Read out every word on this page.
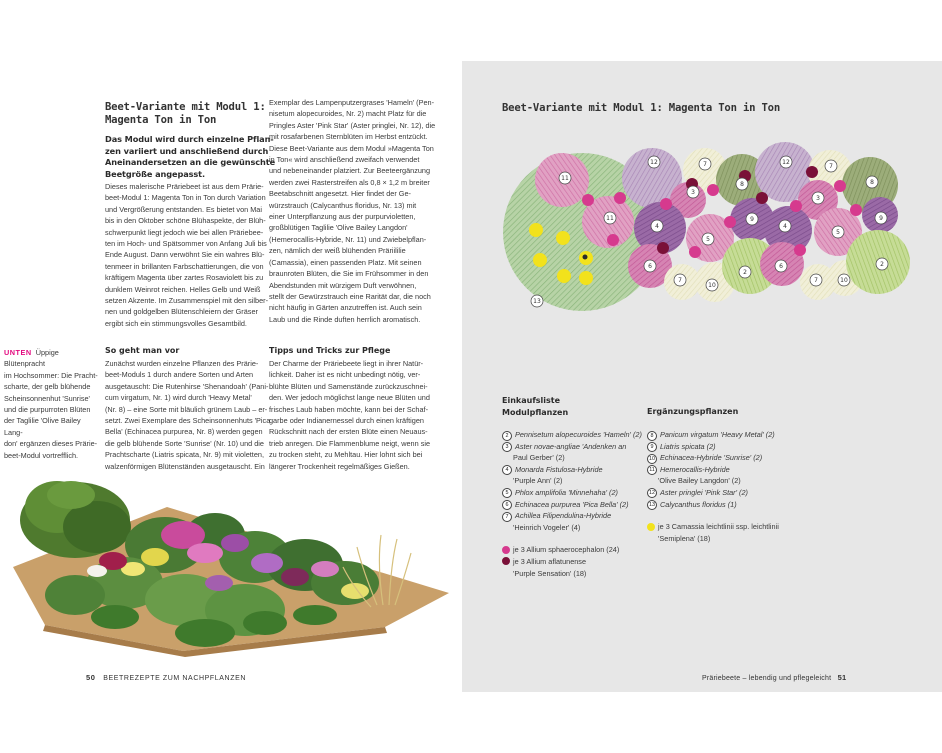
Beet-Variante mit Modul 1:
Magenta Ton in Ton
Das Modul wird durch einzelne Pflan-
zen variiert und anschließend durch
Aneinandersetzen an die gewünschte
Beetgröße angepasst.

Dieses malerische Präriebeet ist aus dem Prärie-

beet-Modul 1: Magenta Ton in Ton durch Variation

und Vergrößerung entstanden. Es bietet von Mai

bis in den Oktober schöne Blühaspekte, der Blüh-

schwerpunkt liegt jedoch wie bei allen Präriebee-

ten im Hoch- und Spätsommer von Anfang Juli bis

Ende August. Dann verwöhnt Sie ein wahres Blü-

tenmeer in brillanten Farbschattierungen, die von

kräftigem Magenta über zartes Rosaviolett bis zu

dunklem Weinrot reichen. Helles Gelb und Weiß

setzen Akzente. Im Zusammenspiel mit den silber-

nen und goldgelben Blütenschleiern der Gräser

ergibt sich ein stimmungsvolles Gesamtbild.

So geht man vor

Zunächst wurden einzelne Pflanzen des Prärie-

beet-Moduls 1 durch andere Sorten und Arten

ausgetauscht: Die Rutenhirse 'Shenandoah' (Pani-

cum virgatum, Nr. 1) wird durch 'Heavy Metal'

(Nr. 8) – eine Sorte mit bläulich grünem Laub – er-

setzt. Zwei Exemplare des Scheinsonnenhuts 'Pica

Bella' (Echinacea purpurea, Nr. 8) werden gegen

die gelb blühende Sorte 'Sunrise' (Nr. 10) und die

Prachtscharte (Liatris spicata, Nr. 9) mit violetten,

walzenförmigen Blütenständen ausgetauscht. Ein

Exemplar des Lampenputzergrases 'Hameln' (Pen-

nisetum alopecuroides, Nr. 2) macht Platz für die

Pringles Aster 'Pink Star' (Aster pringlei, Nr. 12), die

mit rosafarbenen Sternblüten im Herbst entzückt.

Diese Beet-Variante aus dem Modul »Magenta Ton

in Ton« wird anschließend zweifach verwendet

und nebeneinander platziert. Zur Beeteergänzung

werden zwei Rasterstreifen als 0,8 × 1,2 m breiter

Beetabschnitt angesetzt. Hier findet der Ge-

würzstrauch (Calycanthus floridus, Nr. 13) mit

einer Unterpflanzung aus der purpurvioletten,

großblütigen Taglilie 'Olive Bailey Langdon'

(Hemerocallis-Hybride, Nr. 11) und Zwiebelpflan-

zen, nämlich der weiß blühenden Präriililie

(Camassia), einen passenden Platz. Mit seinen

braunroten Blüten, die Sie im Frühsommer in den

Abendstunden mit würzigem Duft verwöhnen,

stellt der Gewürzstrauch eine Rarität dar, die noch

nicht häufig in Gärten anzutreffen ist. Auch sein

Laub und die Rinde duften herrlich aromatisch.

Tipps und Tricks zur Pflege

Der Charme der Präriebeete liegt in ihrer Natür-

lichkeit. Daher ist es nicht unbedingt nötig, ver-

blühte Blüten und Samenstände zurückzuschnei-

den. Wer jedoch möglichst lange neue Blüten und

frisches Laub haben möchte, kann bei der Schaf-

garbe oder Indianernessel durch einen kräftigen

Rückschnitt nach der ersten Blüte einen Neuaus-

trieb anregen. Die Flammenblume neigt, wenn sie

zu trocken steht, zu Mehltau. Hier lohnt sich bei

längerer Trockenheit regelmäßiges Gießen.

UNTEN Üppige Blütenpracht

im Hochsommer: Die Pracht-

scharte, der gelb blühende

Scheinsonnenhut 'Sunrise'

und die purpurroten Blüten

der Taglilie 'Olive Bailey Lang-

don' ergänzen dieses Prärie-

beet-Modul vortrefflich.

50 BEETREZEPTE ZUM NACHPFLANZEN
Beet-Variante mit Modul 1: Magenta Ton in Ton
11
11
12	12
7	7
7	7
3
3
8	8
4	4
9	9
5
5
6	6
2
2
10
10
13
Einkaufsliste
Modulpflanzen	Ergänzungspflanzen
2 Pennisetum alopecuroides 'Hameln' (2)
3 Aster novae-angliae 'Andenken an
Paul Gerber' (2)
4 Monarda Fistulosa-Hybride
'Purple Ann' (2)
5 Phlox amplifolia 'Minnehaha' (2)
6 Echinacea purpurea 'Pica Bella' (2)
7 Achillea Filipendulina-Hybride
'Heinrich Vogeler' (4)
je 3 Allium sphaerocephalon (24)
je 3 Allium aflatunense
'Purple Sensation' (18)
8 Panicum virgatum 'Heavy Metal' (2)
9 Liatris spicata (2)
10 Echinacea-Hybride 'Sunrise' (2)
11 Hemerocallis-Hybride
'Olive Bailey Langdon' (2)
12 Aster pringlei 'Pink Star' (2)
13 Calycanthus floridus (1)
je 3 Camassia leichtlinii ssp. leichtlinii
'Semiplena' (18)
Präriebeete – lebendig und pflegeleicht 51
